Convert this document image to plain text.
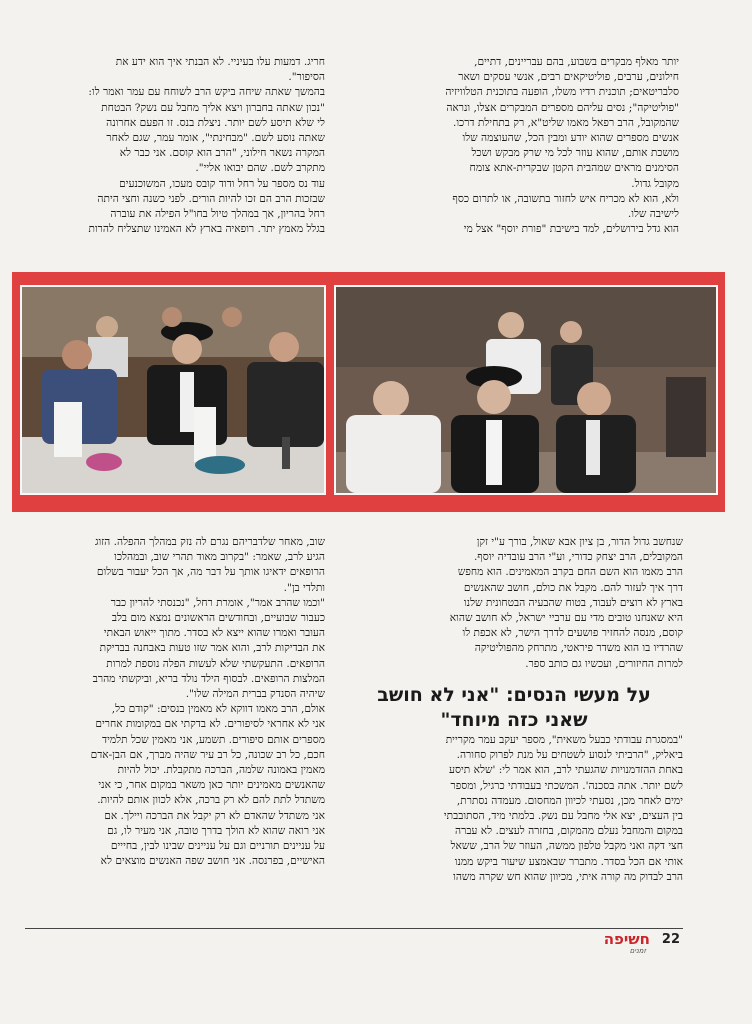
יותר מאלף מבקרים בשבוע, בהם עבריינים, דתיים,
חילונים, ערבים, פוליטיקאים רבים, אנשי עסקים ושאר
סלבריטאים; תוכנית רדיו משלו, הופעה בתוכנית הטלוויזיה
"פוליטיקה"; נסים עליהם מספרים המבקרים אצלו, ונראה
שהמקובל, הרב רפאל מאמו שליט"א, רק בתחילת דרכו.
אנשים מספרים שהוא יודע ומבין הכל, שהעוצמה שלו
מושכת אותם, שהוא עוזר לכל מי שרק מבקש ושכל
הסימנים מראים שמהבית הקטן שבקרית-אתא צומח
מקובל גדול.
ולא, הוא לא מכריח איש לחזור בתשובה, או לתרום כסף
לישיבה שלו.
הוא גדל בירושלים, למד בישיבת "פורת יוסף" אצל מי
חריג. דמעות עלו בעיניי. לא הבנתי איך הוא ידע את
הסיפור".
בהמשך שאתה שיחה ביקש הרב לשוחח עם עמר ואמר לו:
"נכון שאתה בחברון ויצא אליך מחבל עם נשק? הבטחת
לי שלא תיסע לשם יותר. ניצלת בנס. זו הפעם אחרונה
שאתה נוסע לשם. "מבחינתי", אומר עמר, שגם לאחר
המקרה נשאר חילוני, "הרב הוא קוסם. אני כבר לא
מתקרב לשם. שהם יבואו אליי".
עוד נס מספר על רחל ודוד קובס מעכו, המשוכנעים
שבזכות הרב הם זכו להיות הורים. לפני כשנה וחצי היתה
רחל בהריון, אך במהלך טיול בחו"ל הפילה את עוברה
בגלל מאמץ יתר. רופאיה בארץ לא האמינו שתצליח להרות
שנחשב גדול הדור, בן ציון אבא שאול, בורך ע"י זקן
המקובלים, הרב יצחק כדורי, וע"י הרב עובדיה יוסף.
הרב מאמו הוא השם החם בקרב המאמינים. הוא מחפש
דרך איך לעזור להם. מקבל את כולם, חושב שהאנשים
בארץ לא רוצים לעבוד, בטוח שהבעיה הבטחונית שלנו
היא שאנחנו טובים מדי עם ערביי ישראל, לא חושב שהוא
קוסם, מנסה להחזיר פושעים לדרך הישר, לא אכפת לו
שהרדיו בו הוא משדר פיראטי, מתרחק מהפוליטיקה
למרות החיזורים, ועכשיו גם כותב ספר.
על מעשי הנסים: "אני לא חושב
שאני כזה מיוחד"
"במסגרת עבודתי כבעל משאית", מספר יעקב עמר מקריית
ביאליק, "הרביתי לנסוע לשטחים על מנת לפרוק סחורה.
באחת ההזדמנויות שהגעתי לרב, הוא אמר לי: 'שלא תיסע
לשם יותר. אתה בסכנה'. המשכתי בעבודתי כרגיל, ומספר
ימים לאחר מכן, נסעתי לכיוון המחסום. מעמדה נסתרת,
בין העצים, יצא אלי מחבל עם נשק. בלמתי מיד, הסתובבתי
במקום והמחבל נעלם מהמקום, בחזרה לעצים. לא עברה
חצי דקה ואני מקבל טלפון ממשה, העוזר של הרב, ששאל
אותי אם הכל בסדר. מתברר שבאמצע שיעור ביקש ממנו
הרב לבדוק מה קורה איתי, מכיוון שהוא חש שקרה משהו
שוב, מאחר שלדבריהם נגרם לה נזק במהלך ההפלה. הזוג
הגיע לרב, שאמר: "בקרוב מאוד תהרי שוב, ובמהלכו
הרופאים ידאיגו אותך על דבר מה, אך הכל יעבור בשלום
ותלדי בן".
"וכמו שהרב אמר", אומרת רחל, "נכנסתי להריון כבר
כעבור שבועיים, ובחודשים הראשונים נמצא מום בלב
העובר ואמרו שהוא ייצא לא בסדר. מתוך ייאוש הבאתי
את הבדיקות לרב, והוא אמר שזו טעות באבחנה בבדיקת
הרופאים. התעקשתי שלא לעשות הפלה נוספת למרות
המלצות הרופאים. לבסוף הילד נולד בריא, וביקשתי מהרב
שיהיה הסנדק בברית המילה שלו".
אולם, הרב מאמו דווקא לא מאמין בנסים: "קודם כל,
אני לא אחראי לסיפורים. לא בדקתי אם במקומות אחרים
מספרים אותם סיפורים. תשמע, אני מאמין שכל תלמיד
חכם, כל רב שכונה, כל רב עיר שהיה מברך, אם הבן-אדם
מאמין באמונה שלמה, הברכה מתקבלת. יכול להיות
שהאנשים מאמינים יותר כאן משאר במקום אחר, כי אני
משתדל לתת להם לא רק ברכה, אלא לכוון אותם להיות.
אני משתדל שהאדם לא רק יקבל את הברכה ויילך. אם
אני רואה שהוא לא הולך בדרך טובה, אני מעיר לו, גם
על עניינים תורניים וגם על עניינים שבינו לבין, בחייים
האישיים, בפרנסה. אני חושב שפה האנשים מוצאים לא
22
חשיפה
זמנים
